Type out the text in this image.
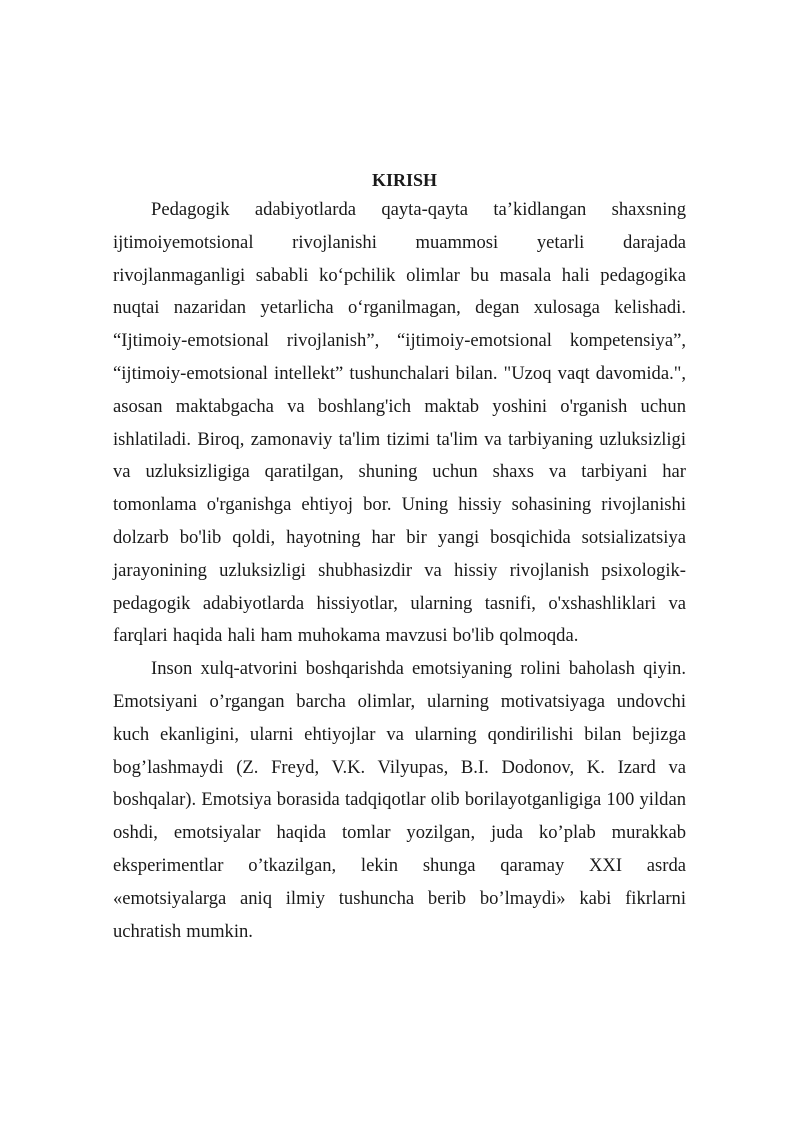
KIRISH

Pedagogik adabiyotlarda qayta-qayta ta’kidlangan shaxsning ijtimoiyemotsional rivojlanishi muammosi yetarli darajada rivojlanmaganligi sababli koʻpchilik olimlar bu masala hali pedagogika nuqtai nazaridan yetarlicha oʻrganilmagan, degan xulosaga kelishadi. “Ijtimoiy-emotsional rivojlanish”, “ijtimoiy-emotsional kompetensiya”, “ijtimoiy-emotsional intellekt” tushunchalari bilan. "Uzoq vaqt davomida.", asosan maktabgacha va boshlang'ich maktab yoshini o'rganish uchun ishlatiladi. Biroq, zamonaviy ta'lim tizimi ta'lim va tarbiyaning uzluksizligi va uzluksizligiga qaratilgan, shuning uchun shaxs va tarbiyani har tomonlama o'rganishga ehtiyoj bor. Uning hissiy sohasining rivojlanishi dolzarb bo'lib qoldi, hayotning har bir yangi bosqichida sotsializatsiya jarayonining uzluksizligi shubhasizdir va hissiy rivojlanish psixologik-pedagogik adabiyotlarda hissiyotlar, ularning tasnifi, o'xshashliklari va farqlari haqida hali ham muhokama mavzusi bo'lib qolmoqda.

Inson xulq-atvorini boshqarishda emotsiyaning rolini baholash qiyin. Emotsiyani o’rgangan barcha olimlar, ularning motivatsiyaga undovchi kuch ekanligini, ularni ehtiyojlar va ularning qondirilishi bilan bejizga bog’lashmaydi (Z. Freyd, V.K. Vilyupas, B.I. Dodonov, K. Izard va boshqalar). Emotsiya borasida tadqiqotlar olib borilayotganligiga 100 yildan oshdi, emotsiyalar haqida tomlar yozilgan, juda ko’plab murakkab eksperimentlar o’tkazilgan, lekin shunga qaramay XXI asrda «emotsiyalarga aniq ilmiy tushuncha berib bo’lmaydi» kabi fikrlarni uchratish mumkin.
